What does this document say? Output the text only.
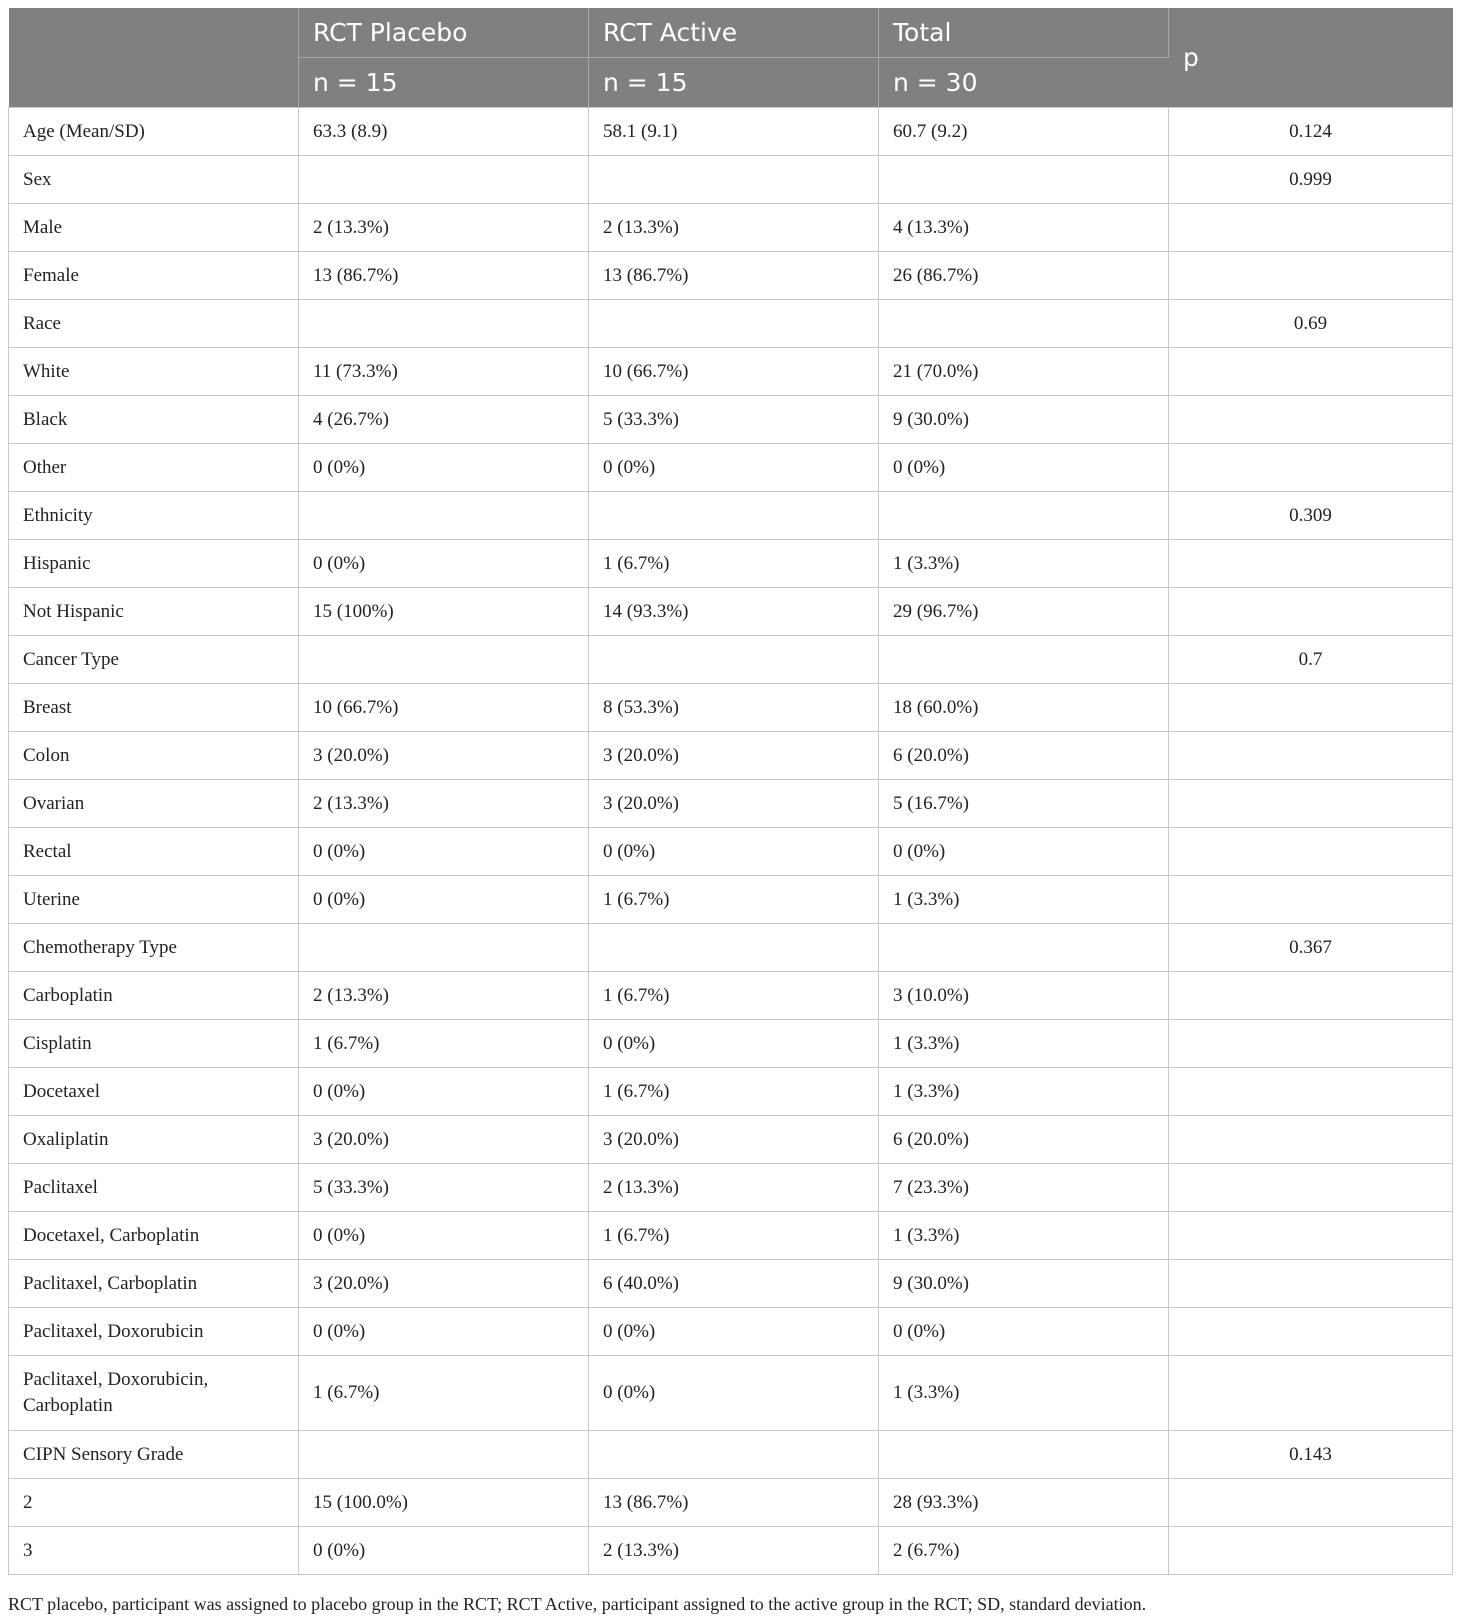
	RCT Placebo	RCT Active	Total	p
	n = 15	n = 15	n = 30	
Age (Mean/SD)	63.3 (8.9)	58.1 (9.1)	60.7 (9.2)	0.124
Sex				0.999
Male	2 (13.3%)	2 (13.3%)	4 (13.3%)	
Female	13 (86.7%)	13 (86.7%)	26 (86.7%)	
Race				0.69
White	11 (73.3%)	10 (66.7%)	21 (70.0%)	
Black	4 (26.7%)	5 (33.3%)	9 (30.0%)	
Other	0 (0%)	0 (0%)	0 (0%)	
Ethnicity				0.309
Hispanic	0 (0%)	1 (6.7%)	1 (3.3%)	
Not Hispanic	15 (100%)	14 (93.3%)	29 (96.7%)	
Cancer Type				0.7
Breast	10 (66.7%)	8 (53.3%)	18 (60.0%)	
Colon	3 (20.0%)	3 (20.0%)	6 (20.0%)	
Ovarian	2 (13.3%)	3 (20.0%)	5 (16.7%)	
Rectal	0 (0%)	0 (0%)	0 (0%)	
Uterine	0 (0%)	1 (6.7%)	1 (3.3%)	
Chemotherapy Type				0.367
Carboplatin	2 (13.3%)	1 (6.7%)	3 (10.0%)	
Cisplatin	1 (6.7%)	0 (0%)	1 (3.3%)	
Docetaxel	0 (0%)	1 (6.7%)	1 (3.3%)	
Oxaliplatin	3 (20.0%)	3 (20.0%)	6 (20.0%)	
Paclitaxel	5 (33.3%)	2 (13.3%)	7 (23.3%)	
Docetaxel, Carboplatin	0 (0%)	1 (6.7%)	1 (3.3%)	
Paclitaxel, Carboplatin	3 (20.0%)	6 (40.0%)	9 (30.0%)	
Paclitaxel, Doxorubicin	0 (0%)	0 (0%)	0 (0%)	
Paclitaxel, Doxorubicin, Carboplatin	1 (6.7%)	0 (0%)	1 (3.3%)	
CIPN Sensory Grade				0.143
2	15 (100.0%)	13 (86.7%)	28 (93.3%)	
3	0 (0%)	2 (13.3%)	2 (6.7%)	
RCT placebo, participant was assigned to placebo group in the RCT; RCT Active, participant assigned to the active group in the RCT; SD, standard deviation.
